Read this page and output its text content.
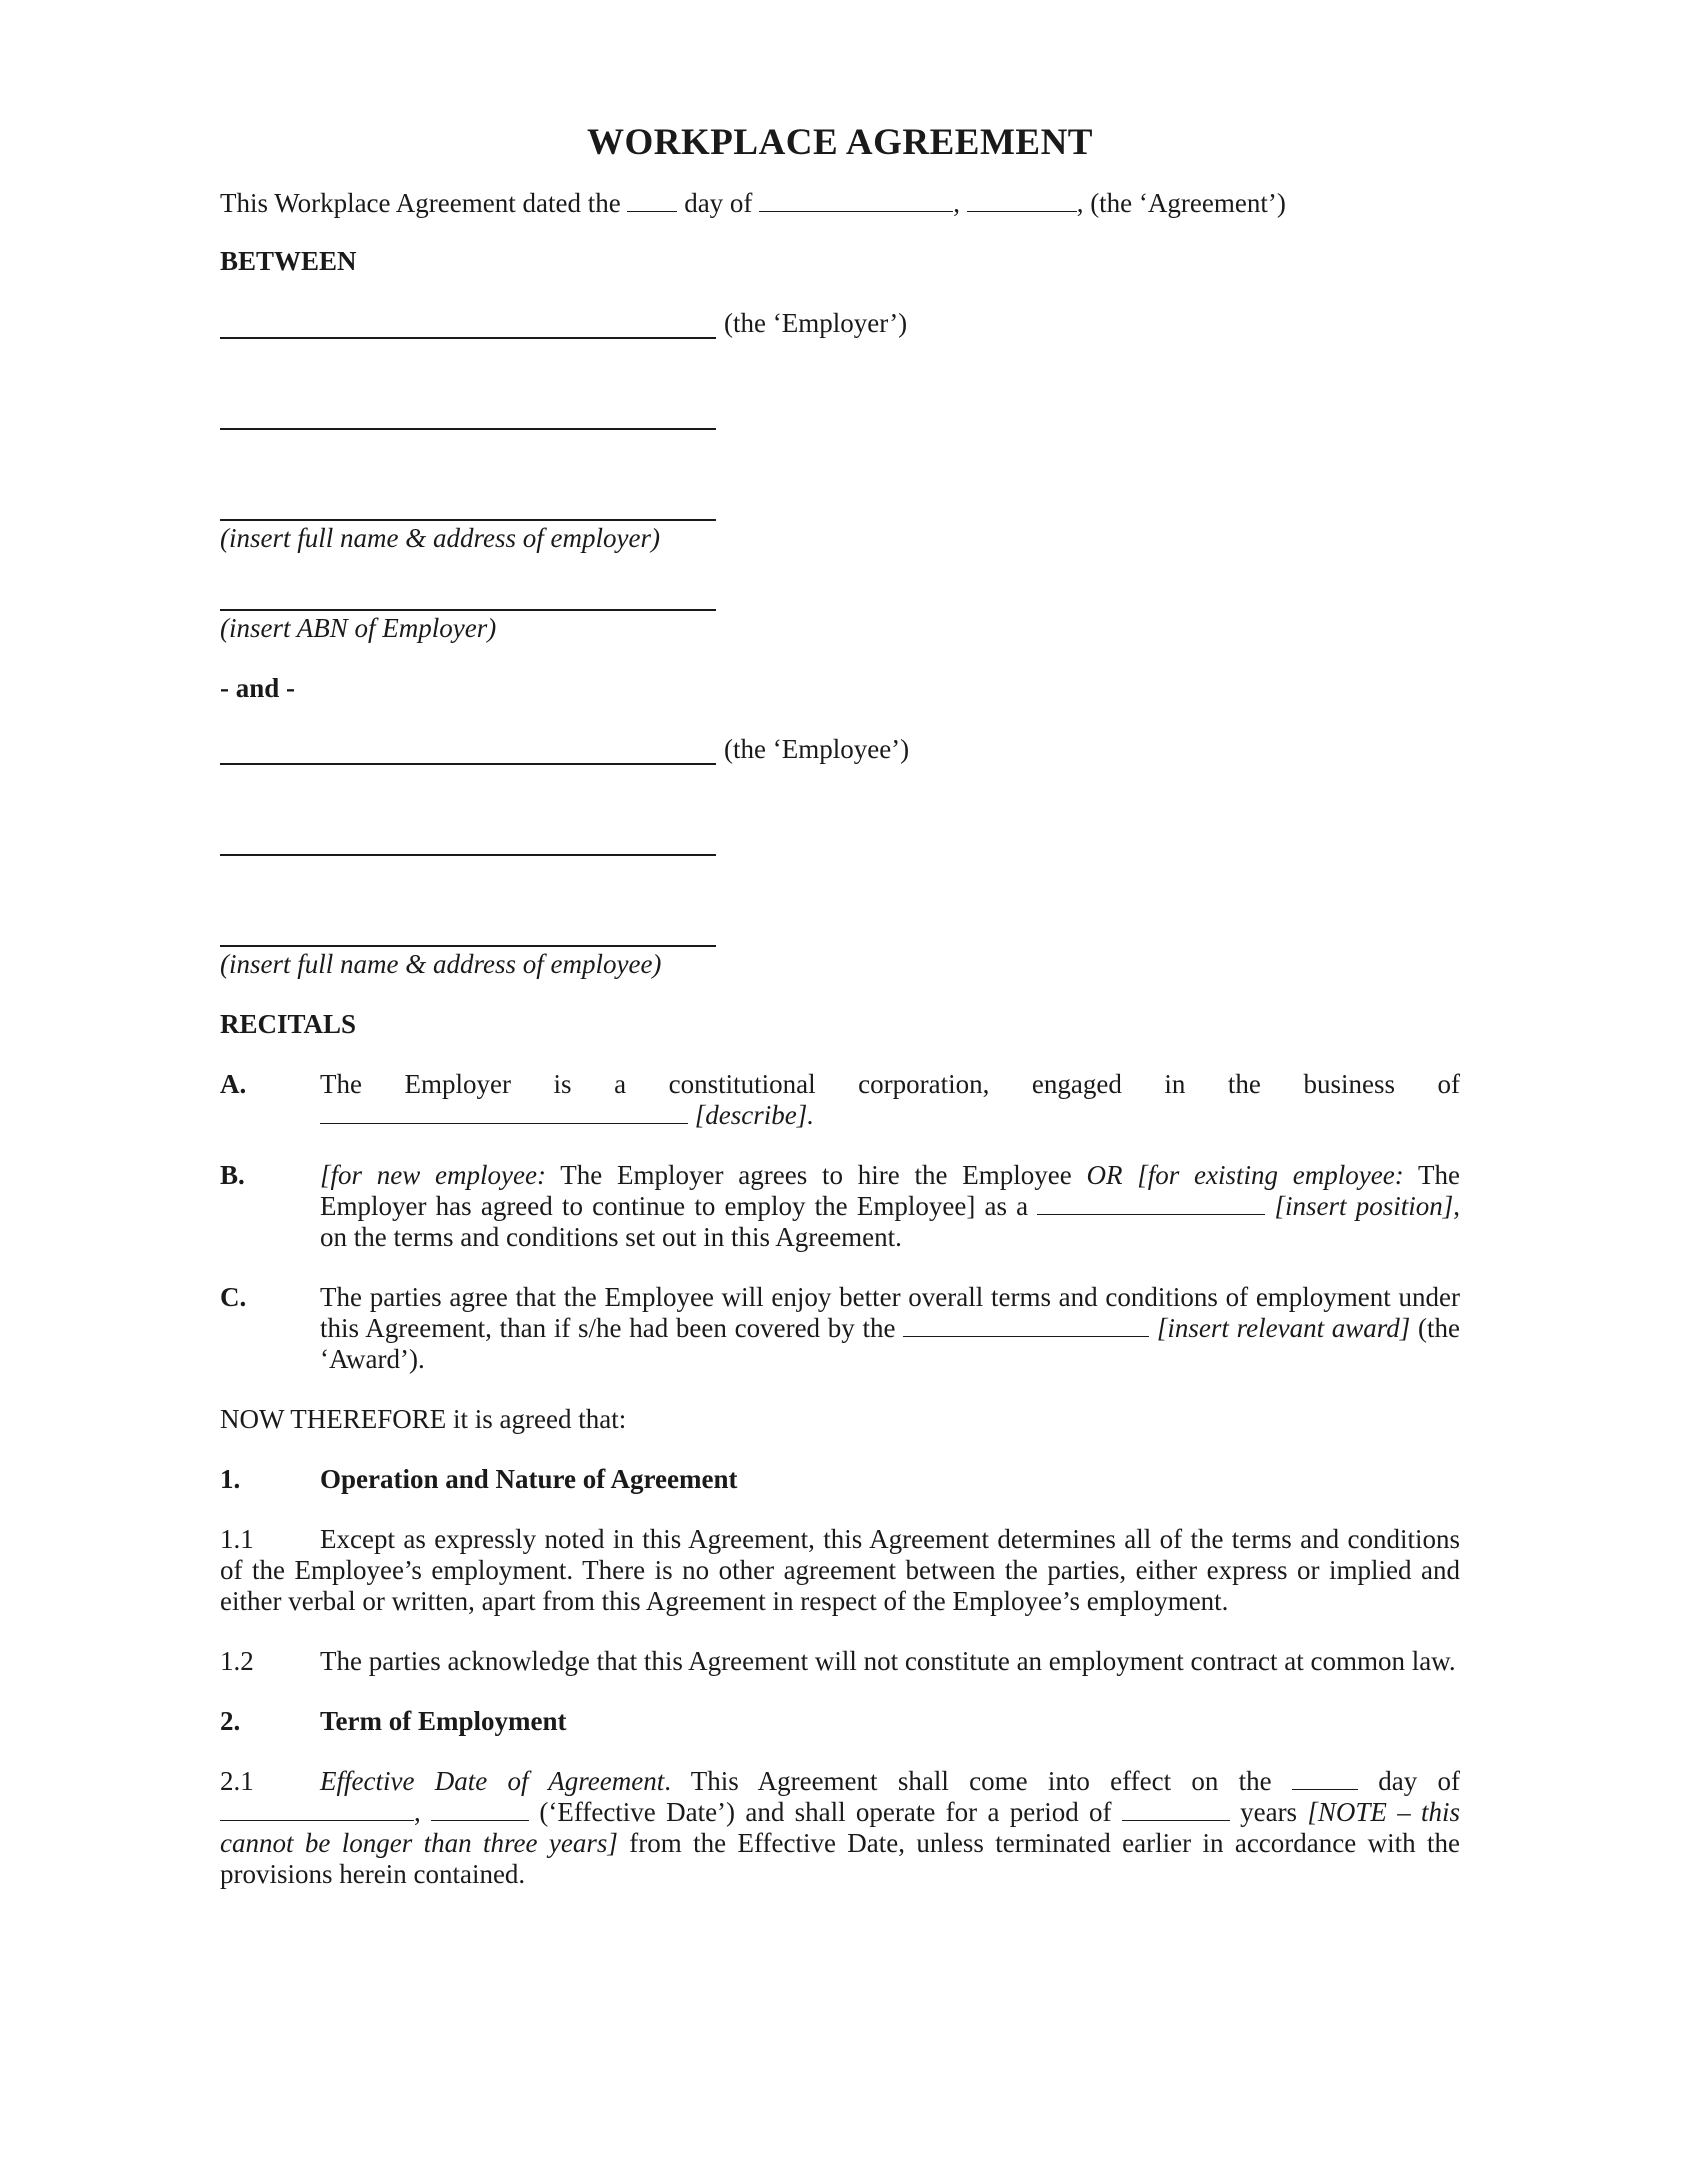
WORKPLACE AGREEMENT

This Workplace Agreement dated the day of	,	, (the ‘Agreement’)

BETWEEN

(the ‘Employer’)

(insert full name & address of employer)

(insert ABN of Employer)

- and -

(the ‘Employee’)

(insert full name & address of employee)

RECITALS

A.	The Employer is a constitutional corporation, engaged in the business of
[describe].
B.	[for new employee: The Employer agrees to hire the Employee OR [for existing employee: The Employer has agreed to continue to employ the Employee] as a	[insert position], on the terms and conditions set out in this Agreement.
C.	The parties agree that the Employee will enjoy better overall terms and conditions of employment under this Agreement, than if s/he had been covered by the	[insert relevant award] (the ‘Award’).

NOW THEREFORE it is agreed that:

1.	Operation and Nature of Agreement

1.1 Except as expressly noted in this Agreement, this Agreement determines all of the terms and conditions of the Employee’s employment. There is no other agreement between the parties, either express or implied and either verbal or written, apart from this Agreement in respect of the Employee’s employment.

1.2 The parties acknowledge that this Agreement will not constitute an employment contract at common law.

2.	Term of Employment

2.1 Effective Date of Agreement. This Agreement shall come into effect on the  day of ,	(‘Effective Date’) and shall operate for a period of	years [NOTE – this cannot be longer than three years] from the Effective Date, unless terminated earlier in accordance with the provisions herein contained.
